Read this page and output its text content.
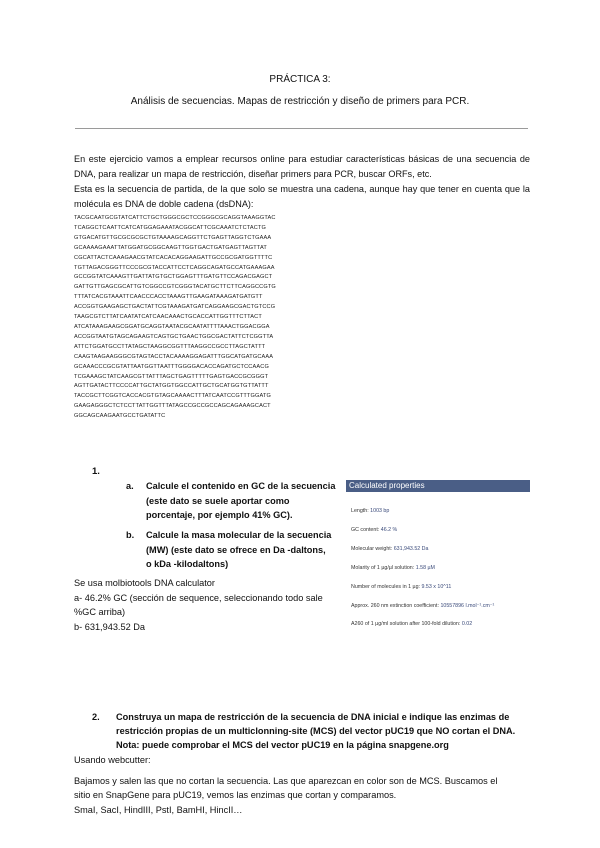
PRÁCTICA 3:
Análisis de secuencias. Mapas de restricción y diseño de primers para PCR.
En este ejercicio vamos a emplear recursos online para estudiar características básicas de una secuencia de DNA, para realizar un mapa de restricción, diseñar primers para PCR, buscar ORFs, etc.
Esta es la secuencia de partida, de la que solo se muestra una cadena, aunque hay que tener en cuenta que la molécula es DNA de doble cadena (dsDNA):
TACGCAATGCGTATCATTCTGCTGGGCGCTCCGGGCGCAGGTAAAGGTAC
TCAGGCTCAATTCATCATGGAGAAATACGGCATTCGCAAATCTCTACTG
GTGACATGTTGCGCGCGCTGTAAAAGCAGGTTCTGAGTTAGGTCTGAAA
GCAAAAGAAATTATGGATGCGGCAAGTTGGTGACTGATGAGTTAGTTAT
CGCATTACTCAAAGAACGTATCACACAGGAAGATTGCCGCGATGGTTTTC
TGTTAGACGGGTTCCCGCGTACCATTCCTCAGGCAGATGCCATGAAAGAA
GCCGGTATCAAAGTTGATTATGTGCTGGAGTTTGATGTTCCAGACGAGCT
GATTGTTGAGCGCATTGTCGGCCGTCGGGTACATGCTTCTTCAGGCCGTG
TTTATCACGTAAATTCAACCCACCTAAAGTTGAAGATAAAGATGATGTT
ACCGGTGAAGAGCTGACTATTCGTAAAGATGATCAGGAAGCGACTGTCCG
TAAGCGTCTTATCAATATCATCAACAAACTGCACCATTGGTTTCTTACT
ATCATAAAGAAGCGGATGCAGGTAATACGCAATATTTTAAACTGGACGGA
ACCGGTAATGTAGCAGAAGTCAGTGCTGAACTGGCGACTATTCTCGGTTA
ATTCTGGATGCCTTATAGCTAAGGCGGTTTAAGGCCGCCTTAGCTATTT
CAAGTAAGAAGGGCGTAGTACCTACAAAAGGAGATTTGGCATGATGCAAA
GCAAACCCGCGTATTAATGGTTAATTTGGGGACACCAGATGCTCCAACG
TCGAAAGCTATCAAGCGTTATTTAGCTGAGTTTTTGAGTGACCGCGGGT
AGTTGATACTTCCCCATTGCTATGGTGGCCATTGCTGCATGGTGTTATTT
TACCGCTTCGGTCACCACGTGTAGCAAAACTTTATCAATCCGTTTGGATG
GAAGAGGGCTCTCCTTATTGGTTTATAGCCGCCGCCAGCAGAAAGCACT
GGCAGCAAGAATGCCTGATATTC
1.
a. Calcule el contenido en GC de la secuencia
(este dato se suele aportar como
porcentaje, por ejemplo 41% GC).
b. Calcule la masa molecular de la secuencia
(MW) (este dato se ofrece en Da -daltons,
o kDa -kilodaltons)
Se usa molbiotools DNA calculator
a- 46.2% GC (sección de sequence, seleccionando todo sale
%GC arriba)
b- 631,943.52 Da
Calculated properties
Length: 1003 bp
GC content: 46.2 %
Molecular weight: 631,943.52 Da
Molarity of 1 µg/µl solution: 1.58 µM
Number of molecules in 1 µg: 9.53 x 10^11
Approx. 260 nm extinction coefficient: 10557896 l.mol⁻¹.cm⁻¹
A260 of 1 µg/ml solution after 100-fold dilution: 0.02
2. Construya un mapa de restricción de la secuencia de DNA inicial e indique las enzimas de
restricción propias de un multiclonning-site (MCS) del vector pUC19 que NO cortan el DNA.
Nota: puede comprobar el MCS del vector pUC19 en la página snapgene.org
Usando webcutter:
Bajamos y salen las que no cortan la secuencia. Las que aparezcan en color son de MCS. Buscamos el
sitio en SnapGene para pUC19, vemos las enzimas que cortan y comparamos.
SmaI, SacI, HindIII, PstI, BamHI, HincII…
